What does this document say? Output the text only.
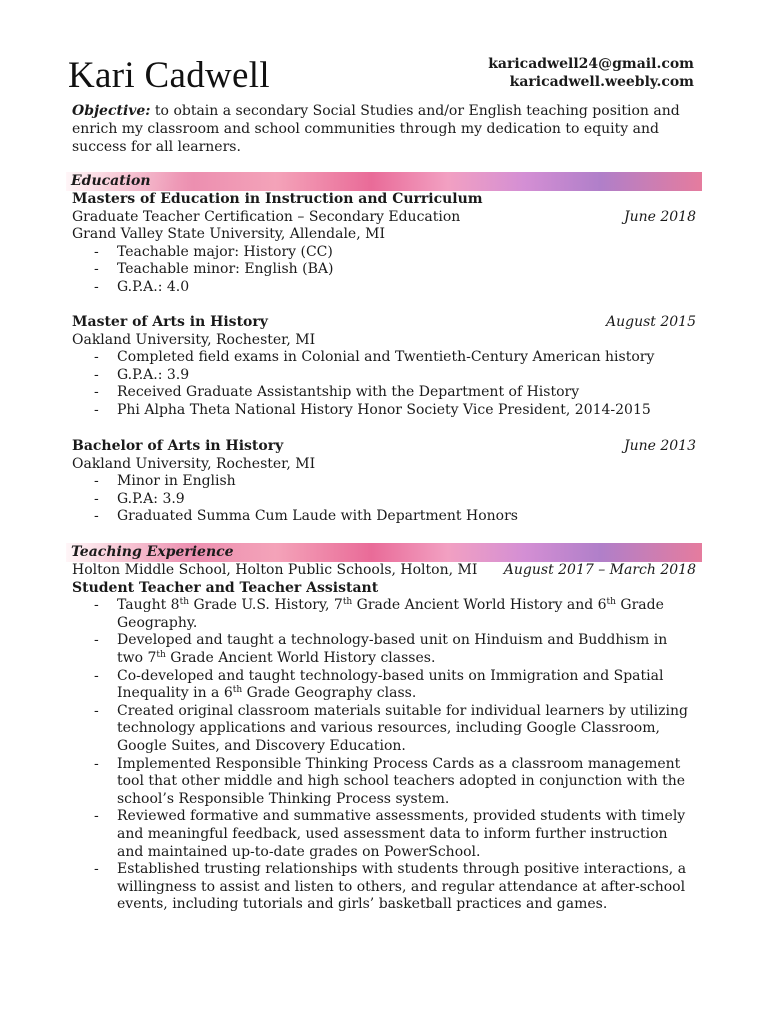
Kari Cadwell	karicadwell24@gmail.com
karicadwell.weebly.com

Objective: to obtain a secondary Social Studies and/or English teaching position and enrich my classroom and school communities through my dedication to equity and success for all learners.

Education
Masters of Education in Instruction and Curriculum
Graduate Teacher Certification – Secondary Education	June 2018
Grand Valley State University, Allendale, MI
- Teachable major: History (CC)
- Teachable minor: English (BA)
- G.P.A.: 4.0
Master of Arts in History	August 2015
Oakland University, Rochester, MI
- Completed field exams in Colonial and Twentieth-Century American history
- G.P.A.: 3.9
- Received Graduate Assistantship with the Department of History
- Phi Alpha Theta National History Honor Society Vice President, 2014-2015
Bachelor of Arts in History	June 2013
Oakland University, Rochester, MI
- Minor in English
- G.P.A: 3.9
- Graduated Summa Cum Laude with Department Honors
Teaching Experience
Holton Middle School, Holton Public Schools, Holton, MI August 2017 – March 2018
Student Teacher and Teacher Assistant
- Taught 8th Grade U.S. History, 7th Grade Ancient World History and 6th Grade Geography.
- Developed and taught a technology-based unit on Hinduism and Buddhism in two 7th Grade Ancient World History classes.
- Co-developed and taught technology-based units on Immigration and Spatial Inequality in a 6th Grade Geography class.
- Created original classroom materials suitable for individual learners by utilizing technology applications and various resources, including Google Classroom, Google Suites, and Discovery Education.
- Implemented Responsible Thinking Process Cards as a classroom management tool that other middle and high school teachers adopted in conjunction with the school’s Responsible Thinking Process system.
- Reviewed formative and summative assessments, provided students with timely and meaningful feedback, used assessment data to inform further instruction and maintained up-to-date grades on PowerSchool.
- Established trusting relationships with students through positive interactions, a willingness to assist and listen to others, and regular attendance at after-school events, including tutorials and girls’ basketball practices and games.
